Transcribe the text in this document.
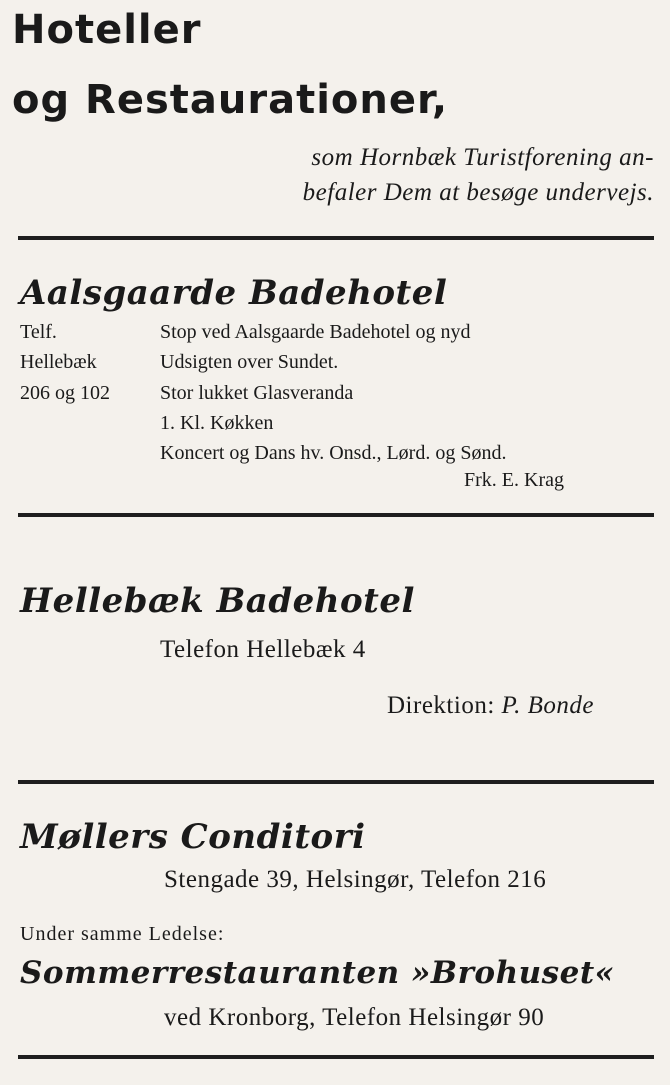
Hoteller
og Restaurationer,
som Hornbæk Turistforening an-
befaler Dem at besøge undervejs.
Aalsgaarde Badehotel
Telf.
Hellebæk
206 og 102
Stop ved Aalsgaarde Badehotel og nyd
Udsigten over Sundet.
Stor lukket Glasveranda
1. Kl. Køkken
Koncert og Dans hv. Onsd., Lørd. og Sønd.
Frk. E. Krag
Hellebæk Badehotel
Telefon Hellebæk 4
Direktion: P. Bonde
Møllers Conditori
Stengade 39, Helsingør, Telefon 216
Under samme Ledelse:
Sommerrestauranten »Brohuset«
ved Kronborg, Telefon Helsingør 90
